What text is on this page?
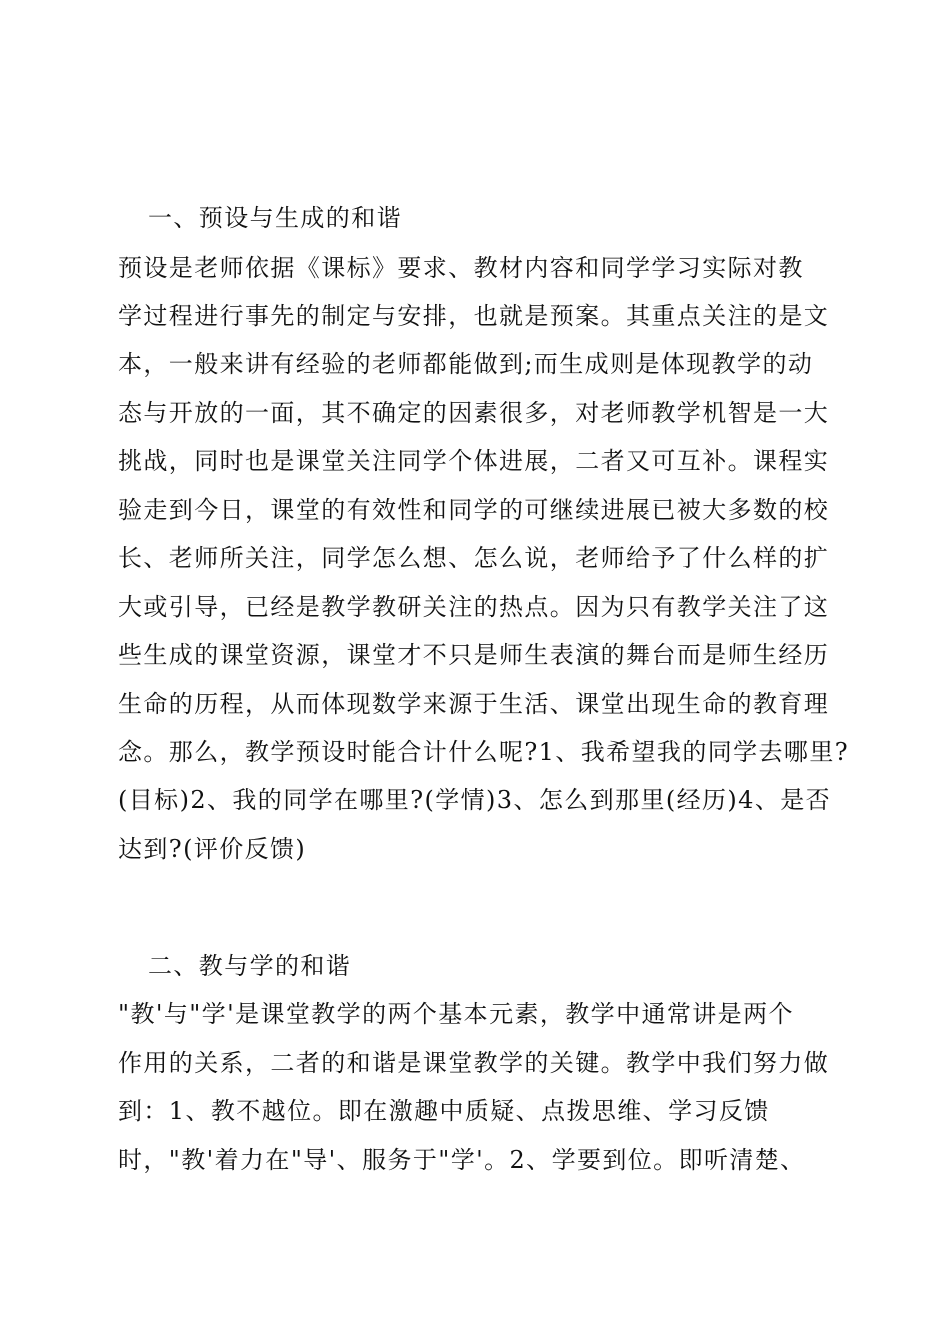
一、预设与生成的和谐
预设是老师依据《课标》要求、教材内容和同学学习实际对教
学过程进行事先的制定与安排，也就是预案。其重点关注的是文
本，一般来讲有经验的老师都能做到;而生成则是体现教学的动
态与开放的一面，其不确定的因素很多，对老师教学机智是一大
挑战，同时也是课堂关注同学个体进展，二者又可互补。课程实
验走到今日，课堂的有效性和同学的可继续进展已被大多数的校
长、老师所关注，同学怎么想、怎么说，老师给予了什么样的扩
大或引导，已经是教学教研关注的热点。因为只有教学关注了这
些生成的课堂资源，课堂才不只是师生表演的舞台而是师生经历
生命的历程，从而体现数学来源于生活、课堂出现生命的教育理
念。那么，教学预设时能合计什么呢?1、我希望我的同学去哪里?
(目标)2、我的同学在哪里?(学情)3、怎么到那里(经历)4、是否
达到?(评价反馈)
二、教与学的和谐
"教'与"学'是课堂教学的两个基本元素，教学中通常讲是两个
作用的关系，二者的和谐是课堂教学的关键。教学中我们努力做
到：1、教不越位。即在激趣中质疑、点拨思维、学习反馈
时，"教'着力在"导'、服务于"学'。2、学要到位。即听清楚、
